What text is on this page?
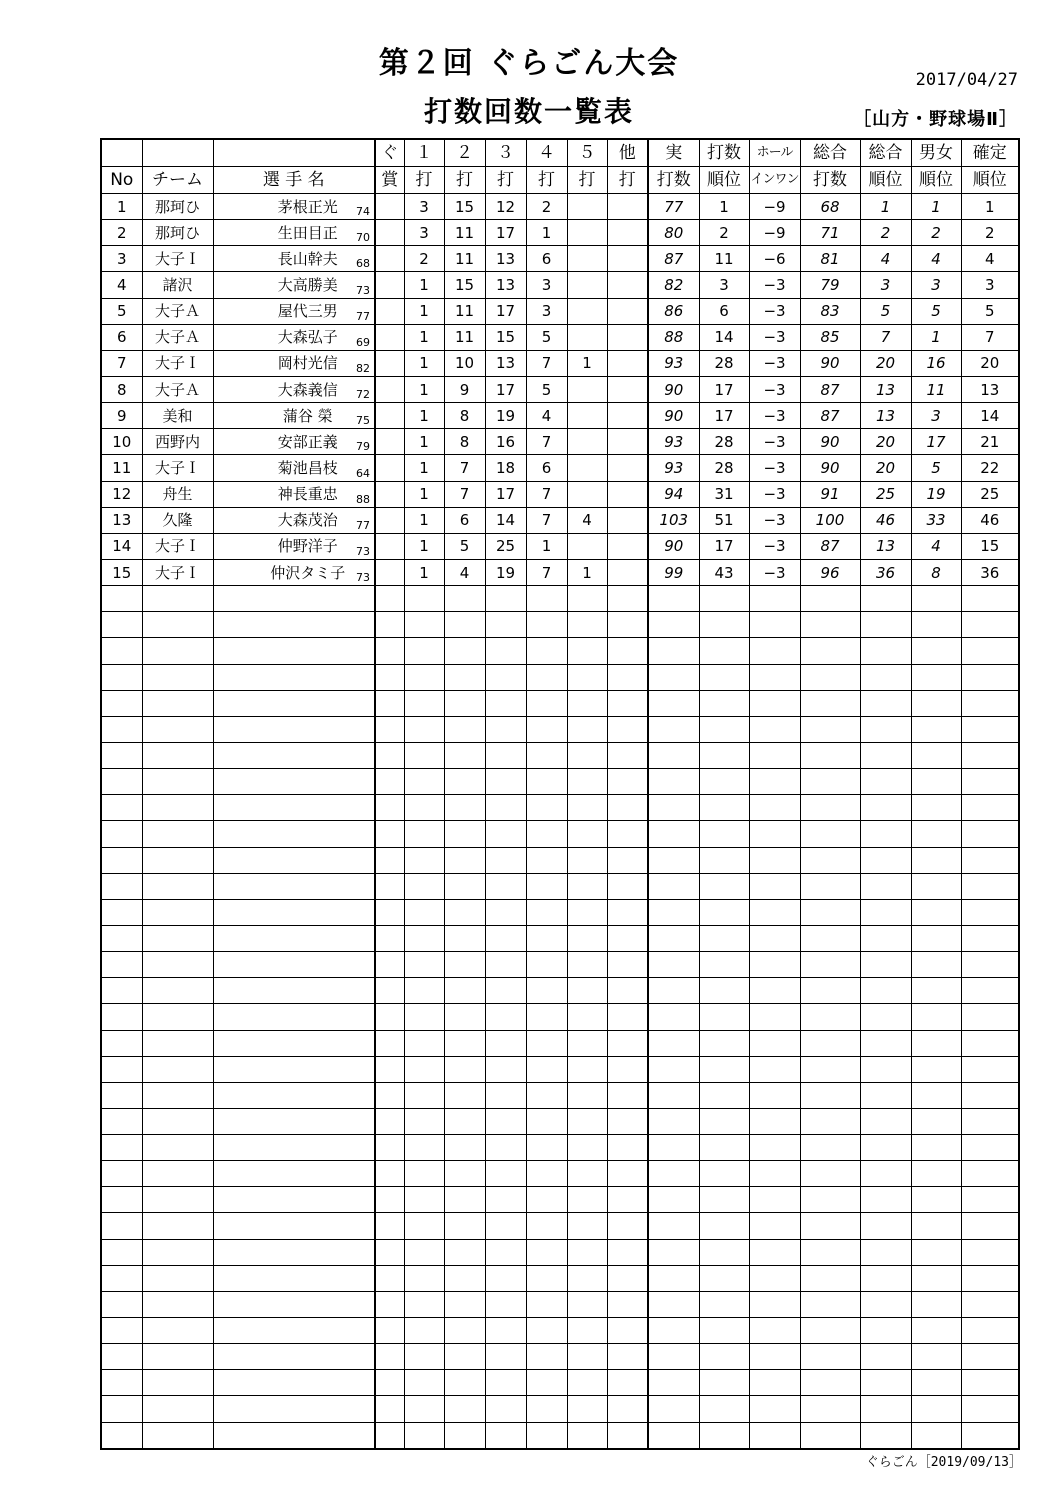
第２回 ぐらごん大会	2017/04/27
打数回数一覧表	［山方・野球場Ⅱ］
			ぐ	１	２	３	４	５	他	実	打数	ホール	総合	総合	男女	確定
No	チーム	選 手 名	賞	打	打	打	打	打	打	打数	順位	インワン	打数	順位	順位	順位
1	那珂ひ	茅根正光 74		3	15	12	2			77	1	−9	68	1	1	1
2	那珂ひ	生田目正 70		3	11	17	1			80	2	−9	71	2	2	2
3	大子Ｉ	長山幹夫 68		2	11	13	6			87	11	−6	81	4	4	4
4	諸沢	大高勝美 73		1	15	13	3			82	3	−3	79	3	3	3
5	大子Ａ	屋代三男 77		1	11	17	3			86	6	−3	83	5	5	5
6	大子Ａ	大森弘子 69		1	11	15	5			88	14	−3	85	7	1	7
7	大子Ｉ	岡村光信 82		1	10	13	7	1		93	28	−3	90	20	16	20
8	大子Ａ	大森義信 72		1	9	17	5			90	17	−3	87	13	11	13
9	美和	蒲谷 榮 75		1	8	19	4			90	17	−3	87	13	3	14
10	西野内	安部正義 79		1	8	16	7			93	28	−3	90	20	17	21
11	大子Ｉ	菊池昌枝 64		1	7	18	6			93	28	−3	90	20	5	22
12	舟生	神長重忠 88		1	7	17	7			94	31	−3	91	25	19	25
13	久隆	大森茂治 77		1	6	14	7	4		103	51	−3	100	46	33	46
14	大子Ｉ	仲野洋子 73		1	5	25	1			90	17	−3	87	13	4	15
15	大子Ｉ	仲沢タミ子 73		1	4	19	7	1		99	43	−3	96	36	8	36

ぐらごん［2019/09/13］
